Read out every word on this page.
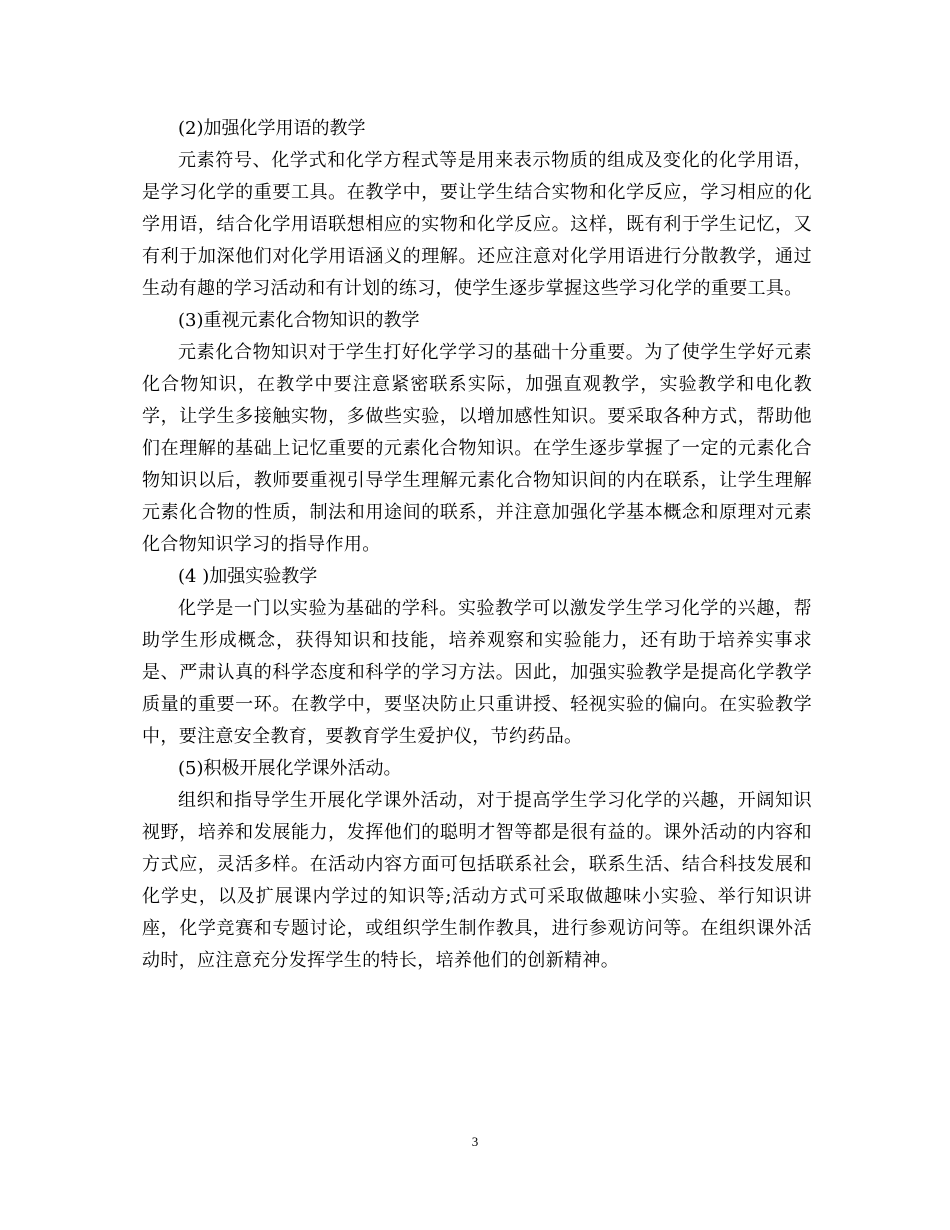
(2)加强化学用语的教学

元素符号、化学式和化学方程式等是用来表示物质的组成及变化的化学用语，是学习化学的重要工具。在教学中，要让学生结合实物和化学反应，学习相应的化学用语，结合化学用语联想相应的实物和化学反应。这样，既有利于学生记忆，又有利于加深他们对化学用语涵义的理解。还应注意对化学用语进行分散教学，通过生动有趣的学习活动和有计划的练习，使学生逐步掌握这些学习化学的重要工具。

(3)重视元素化合物知识的教学

元素化合物知识对于学生打好化学学习的基础十分重要。为了使学生学好元素化合物知识，在教学中要注意紧密联系实际，加强直观教学，实验教学和电化教学，让学生多接触实物，多做些实验，以增加感性知识。要采取各种方式，帮助他们在理解的基础上记忆重要的元素化合物知识。在学生逐步掌握了一定的元素化合物知识以后，教师要重视引导学生理解元素化合物知识间的内在联系，让学生理解元素化合物的性质，制法和用途间的联系，并注意加强化学基本概念和原理对元素化合物知识学习的指导作用。

(4 )加强实验教学

化学是一门以实验为基础的学科。实验教学可以激发学生学习化学的兴趣，帮助学生形成概念，获得知识和技能，培养观察和实验能力，还有助于培养实事求是、严肃认真的科学态度和科学的学习方法。因此，加强实验教学是提高化学教学质量的重要一环。在教学中，要坚决防止只重讲授、轻视实验的偏向。在实验教学中，要注意安全教育，要教育学生爱护仪，节约药品。

(5)积极开展化学课外活动。

组织和指导学生开展化学课外活动，对于提高学生学习化学的兴趣，开阔知识视野，培养和发展能力，发挥他们的聪明才智等都是很有益的。课外活动的内容和方式应，灵活多样。在活动内容方面可包括联系社会，联系生活、结合科技发展和化学史，以及扩展课内学过的知识等;活动方式可采取做趣味小实验、举行知识讲座，化学竞赛和专题讨论，或组织学生制作教具，进行参观访问等。在组织课外活动时，应注意充分发挥学生的特长，培养他们的创新精神。

3
